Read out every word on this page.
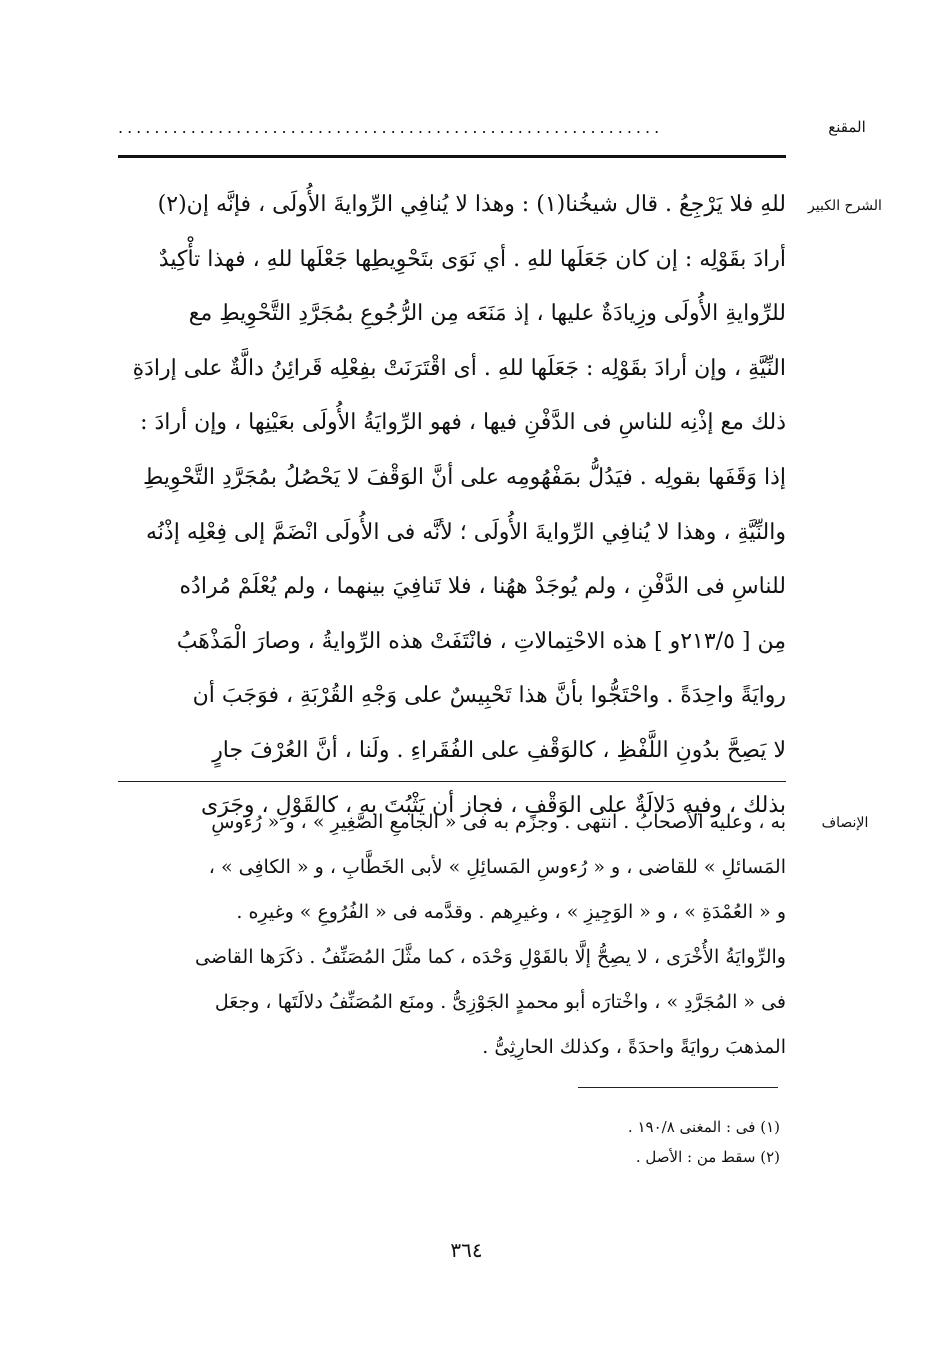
المقنع
............................................................
الشرح الكبير
للهِ فلا يَرْجِعُ . قال شيخُنا(١) : وهذا لا يُنافِي الرِّوايةَ الأُولَى ، فإنَّه إن(٢)
أرادَ بقَوْلِه : إن كان جَعَلَها للهِ . أي نَوَى بتَحْوِيطِها جَعْلَها للهِ ، فهذا تأْكِيدٌ
للرِّوايةِ الأُولَى وزِيادَةٌ عليها ، إذ مَنَعَه مِن الرُّجُوعِ بمُجَرَّدِ التَّحْوِيطِ مع
النِّيَّةِ ، وإن أرادَ بقَوْلِه : جَعَلَها للهِ . أى اقْتَرَنَتْ بفِعْلِه قَرائِنُ دالَّةٌ على إرادَةِ
ذلك مع إذْنِه للناسِ فى الدَّفْنِ فيها ، فهو الرِّوايَةُ الأُولَى بعَيْنِها ، وإن أرادَ :
إذا وَقَفَها بقولِه . فيَدُلُّ بمَفْهُومِه على أنَّ الوَقْفَ لا يَحْصُلُ بمُجَرَّدِ التَّحْوِيطِ
والنِّيَّةِ ، وهذا لا يُنافِي الرِّوايةَ الأُولَى ؛ لأنَّه فى الأُولَى انْضَمَّ إلى فِعْلِه إذْنُه
للناسِ فى الدَّفْنِ ، ولم يُوجَدْ ههُنا ، فلا تَنافِيَ بينهما ، ولم يُعْلَمْ مُرادُه
مِن [ ٢١٣/٥و ] هذه الاحْتِمالاتِ ، فانْتَفَتْ هذه الرِّوايةُ ، وصارَ الْمَذْهَبُ
روايَةً واحِدَةً . واحْتَجُّوا بأنَّ هذا تَحْبِيسٌ على وَجْهِ القُرْبَةِ ، فوَجَبَ أن
لا يَصِحَّ بدُونِ اللَّفْظِ ، كالوَقْفِ على الفُقَراءِ . ولَنا ، أنَّ العُرْفَ جارٍ
بذلك ، وفيه دَلالَةٌ على الوَقْفِ ، فجاز أن يَثْبُتَ به ، كالقَوْلِ ، وجَرَى
الإنصاف
به ، وعليه الأصحابُ . انتهى . وجزَم به فى « الجامعِ الصَّغِيرِ » ، و « رُءوسِ
المَسائلِ » للقاضى ، و « رُءوسِ المَسائِلِ » لأبى الخَطَّابِ ، و « الكافِى » ،
و « العُمْدَةِ » ، و « الوَجِيزِ » ، وغيرِهم . وقدَّمه فى « الفُرُوعِ » وغيرِه .
والرِّوايَةُ الأُخْرَى ، لا يصِحُّ إلَّا بالقَوْلِ وَحْدَه ، كما مثَّلَ المُصَنِّفُ . ذكَرَها القاضى
فى « المُجَرَّدِ » ، واخْتارَه أبو محمدٍ الجَوْزِىُّ . ومنَع المُصَنِّفُ دلالَتَها ، وجعَل
المذهبَ روايَةً واحدَةً ، وكذلك الحارِثِىُّ .
(١) فى : المغنى ١٩٠/٨ .
(٢) سقط من : الأصل .
٣٦٤
